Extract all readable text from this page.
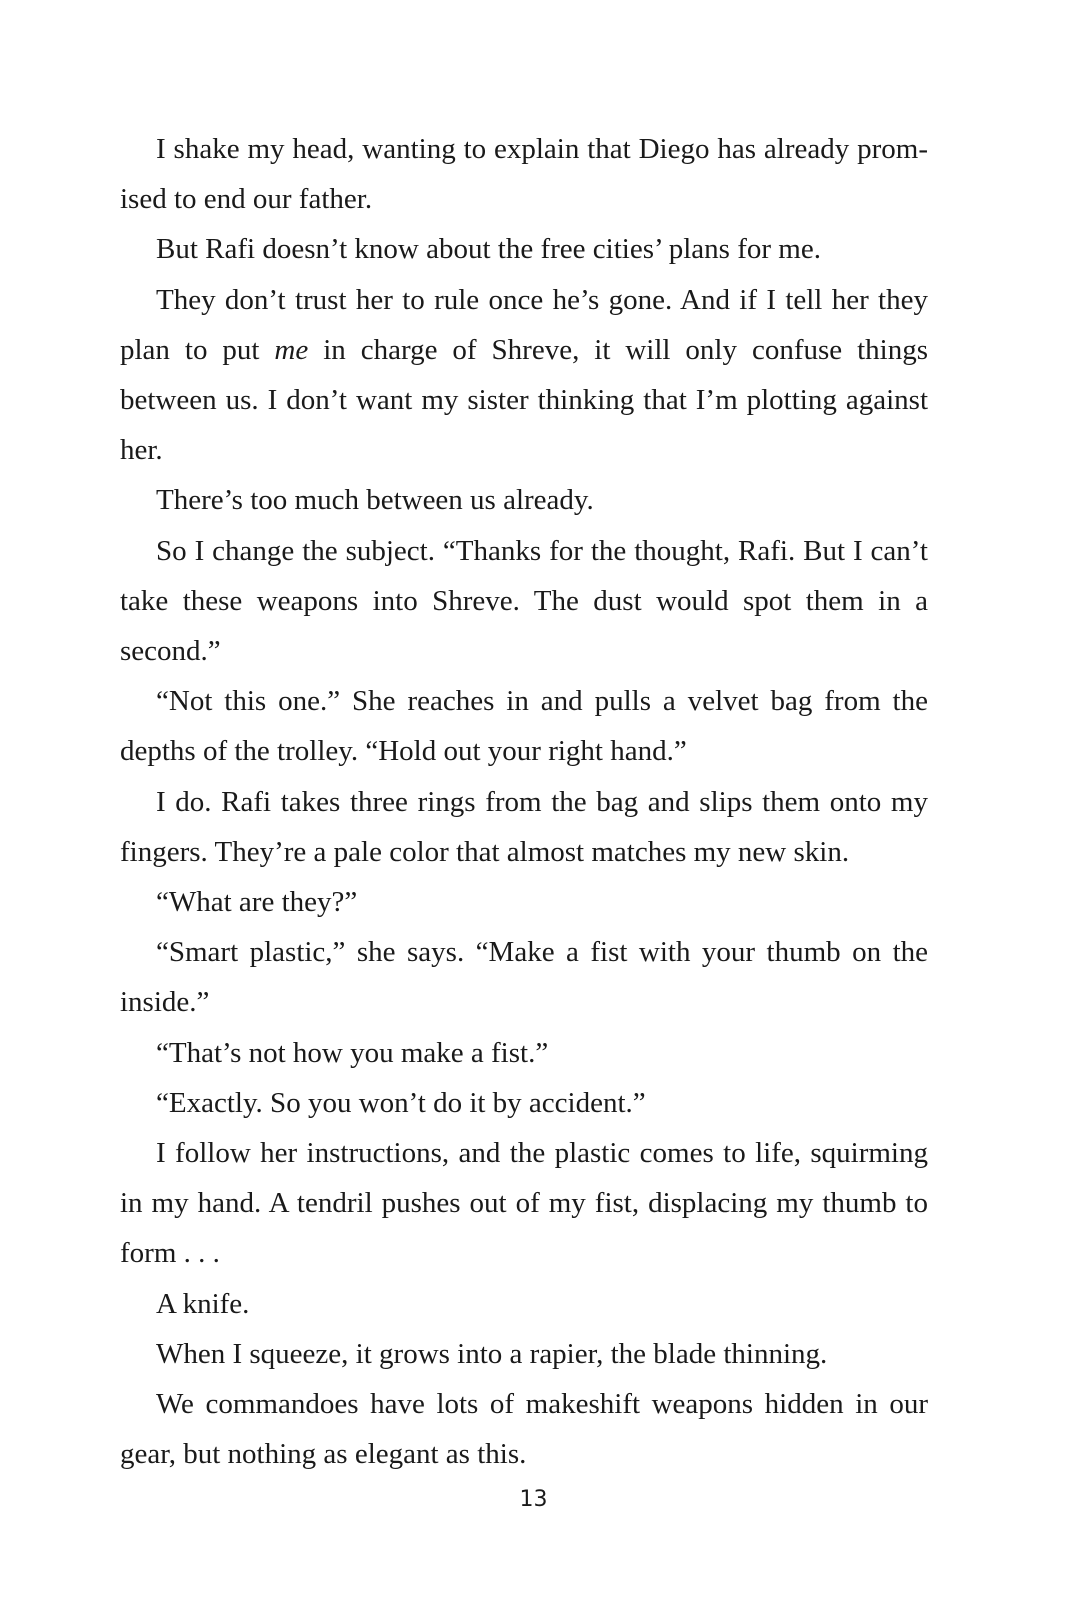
I shake my head, wanting to explain that Diego has already promised to end our father.

But Rafi doesn’t know about the free cities’ plans for me.

They don’t trust her to rule once he’s gone. And if I tell her they plan to put me in charge of Shreve, it will only confuse things between us. I don’t want my sister thinking that I’m plotting against her.

There’s too much between us already.

So I change the subject. “Thanks for the thought, Rafi. But I can’t take these weapons into Shreve. The dust would spot them in a second.”

“Not this one.” She reaches in and pulls a velvet bag from the depths of the trolley. “Hold out your right hand.”

I do. Rafi takes three rings from the bag and slips them onto my fingers. They’re a pale color that almost matches my new skin.

“What are they?”

“Smart plastic,” she says. “Make a fist with your thumb on the inside.”

“That’s not how you make a fist.”

“Exactly. So you won’t do it by accident.”

I follow her instructions, and the plastic comes to life, squirming in my hand. A tendril pushes out of my fist, displacing my thumb to form . . .

A knife.

When I squeeze, it grows into a rapier, the blade thinning.

We commandoes have lots of makeshift weapons hidden in our gear, but nothing as elegant as this.

13
